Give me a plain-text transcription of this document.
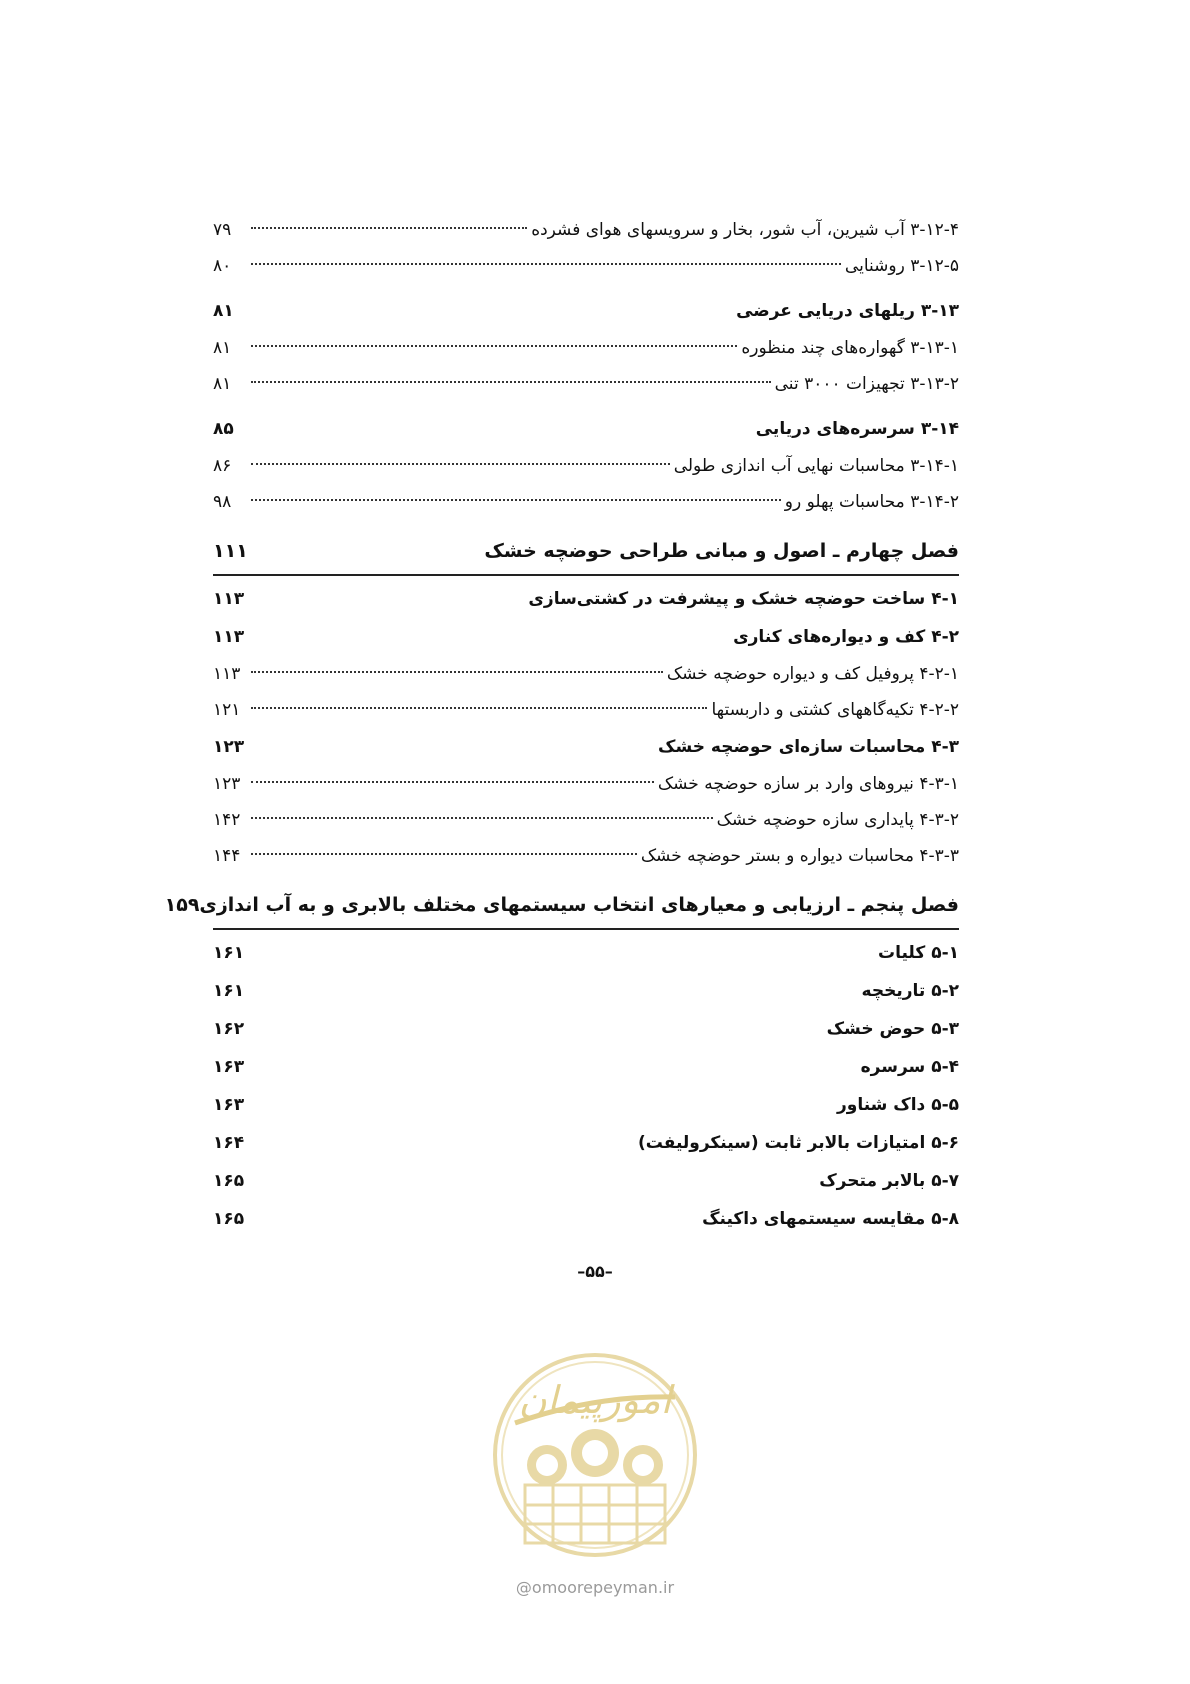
۳-۱۲-۴ آب شیرین، آب شور، بخار و سرویسهای هوای فشرده
۷۹
۳-۱۲-۵ روشنایی
۸۰
۳-۱۳ ریلهای دریایی عرضی
۸۱
۳-۱۳-۱ گهواره‌های چند منظوره
۸۱
۳-۱۳-۲ تجهیزات ۳۰۰۰ تنی
۸۱
۳-۱۴ سرسره‌های دریایی
۸۵
۳-۱۴-۱ محاسبات نهایی آب اندازی طولی
۸۶
۳-۱۴-۲ محاسبات پهلو رو
۹۸
فصل چهارم ـ اصول و مبانی طراحی حوضچه خشک
۱۱۱
۴-۱ ساخت حوضچه خشک و پیشرفت در کشتی‌سازی
۱۱۳
۴-۲ کف و دیواره‌های کناری
۱۱۳
۴-۲-۱ پروفیل کف و دیواره حوضچه خشک
۱۱۳
۴-۲-۲ تکیه‌گاههای کشتی و داربستها
۱۲۱
۴-۳ محاسبات سازه‌ای حوضچه خشک
۱۲۳
۴-۳-۱ نیروهای وارد بر سازه حوضچه خشک
۱۲۳
۴-۳-۲ پایداری سازه حوضچه خشک
۱۴۲
۴-۳-۳ محاسبات دیواره و بستر حوضچه خشک
۱۴۴
فصل پنجم ـ ارزیابی و معیارهای انتخاب سیستمهای مختلف بالابری و به آب اندازی
۱۵۹
۵-۱ کلیات
۱۶۱
۵-۲ تاریخچه
۱۶۱
۵-۳ حوض خشک
۱۶۲
۵-۴ سرسره
۱۶۳
۵-۵ داک شناور
۱۶۳
۵-۶ امتیازات بالابر ثابت (سینکرولیفت)
۱۶۴
۵-۷ بالابر متحرک
۱۶۵
۵-۸ مقایسه سیستمهای داکینگ
۱۶۵
–۵۵–
امورپیمان
@omoorepeyman.ir
